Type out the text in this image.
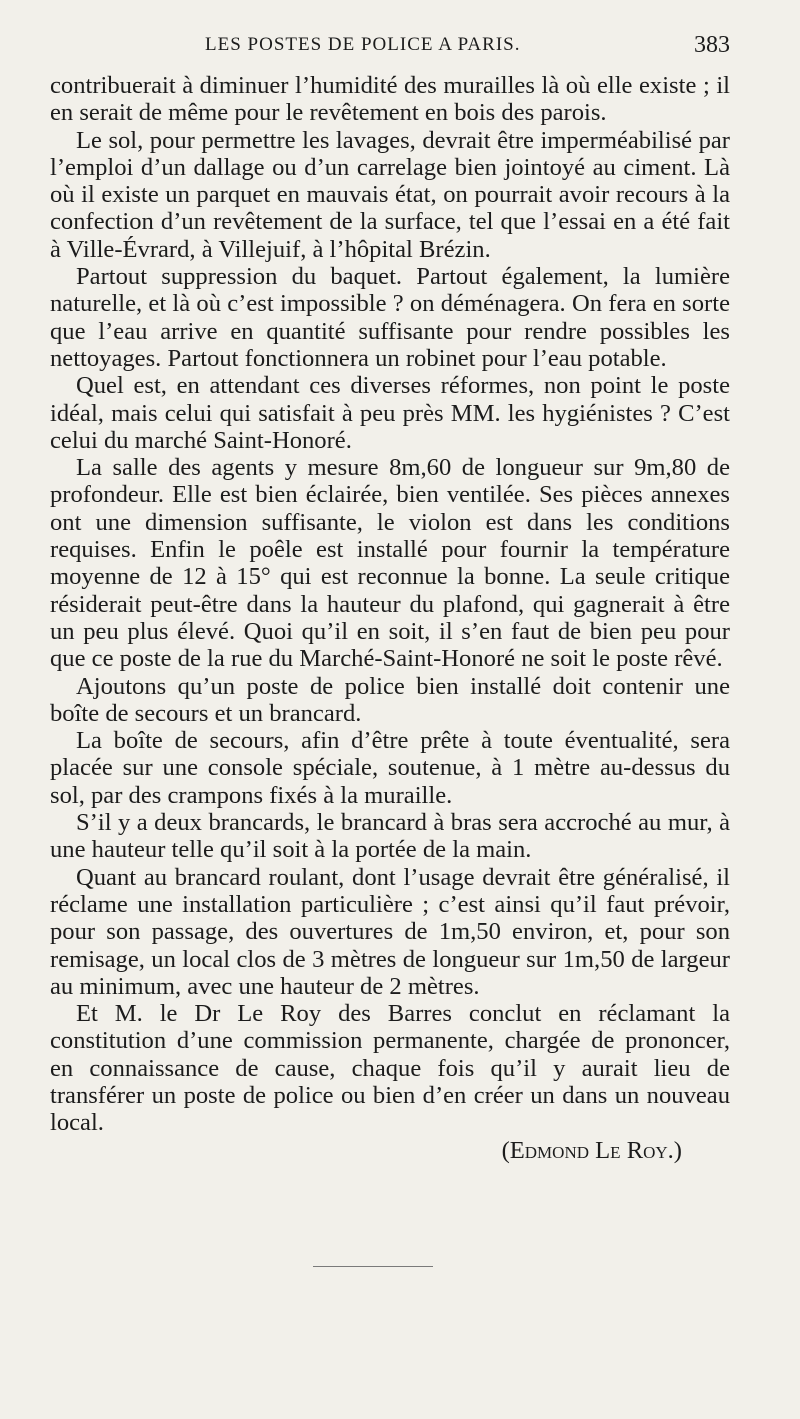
LES POSTES DE POLICE A PARIS.	383

contribuerait à diminuer l’humidité des murailles là où elle existe ; il en serait de même pour le revêtement en bois des parois.

Le sol, pour permettre les lavages, devrait être imperméabilisé par l’emploi d’un dallage ou d’un carrelage bien jointoyé au ciment. Là où il existe un parquet en mauvais état, on pourrait avoir recours à la confection d’un revêtement de la surface, tel que l’essai en a été fait à Ville-Évrard, à Villejuif, à l’hôpital Brézin.

Partout suppression du baquet. Partout également, la lumière naturelle, et là où c’est impossible ? on déménagera. On fera en sorte que l’eau arrive en quantité suffisante pour rendre possibles les nettoyages. Partout fonctionnera un robinet pour l’eau potable.

Quel est, en attendant ces diverses réformes, non point le poste idéal, mais celui qui satisfait à peu près MM. les hygiénistes ? C’est celui du marché Saint-Honoré.

La salle des agents y mesure 8m,60 de longueur sur 9m,80 de profondeur. Elle est bien éclairée, bien ventilée. Ses pièces annexes ont une dimension suffisante, le violon est dans les conditions requises. Enfin le poêle est installé pour fournir la température moyenne de 12 à 15° qui est reconnue la bonne. La seule critique résiderait peut-être dans la hauteur du plafond, qui gagnerait à être un peu plus élevé. Quoi qu’il en soit, il s’en faut de bien peu pour que ce poste de la rue du Marché-Saint-Honoré ne soit le poste rêvé.

Ajoutons qu’un poste de police bien installé doit contenir une boîte de secours et un brancard.

La boîte de secours, afin d’être prête à toute éventualité, sera placée sur une console spéciale, soutenue, à 1 mètre au-dessus du sol, par des crampons fixés à la muraille.

S’il y a deux brancards, le brancard à bras sera accroché au mur, à une hauteur telle qu’il soit à la portée de la main.

Quant au brancard roulant, dont l’usage devrait être généralisé, il réclame une installation particulière ; c’est ainsi qu’il faut prévoir, pour son passage, des ouvertures de 1m,50 environ, et, pour son remisage, un local clos de 3 mètres de longueur sur 1m,50 de largeur au minimum, avec une hauteur de 2 mètres.

Et M. le Dr Le Roy des Barres conclut en réclamant la constitution d’une commission permanente, chargée de prononcer, en connaissance de cause, chaque fois qu’il y aurait lieu de transférer un poste de police ou bien d’en créer un dans un nouveau local.

(Edmond Le Roy.)
